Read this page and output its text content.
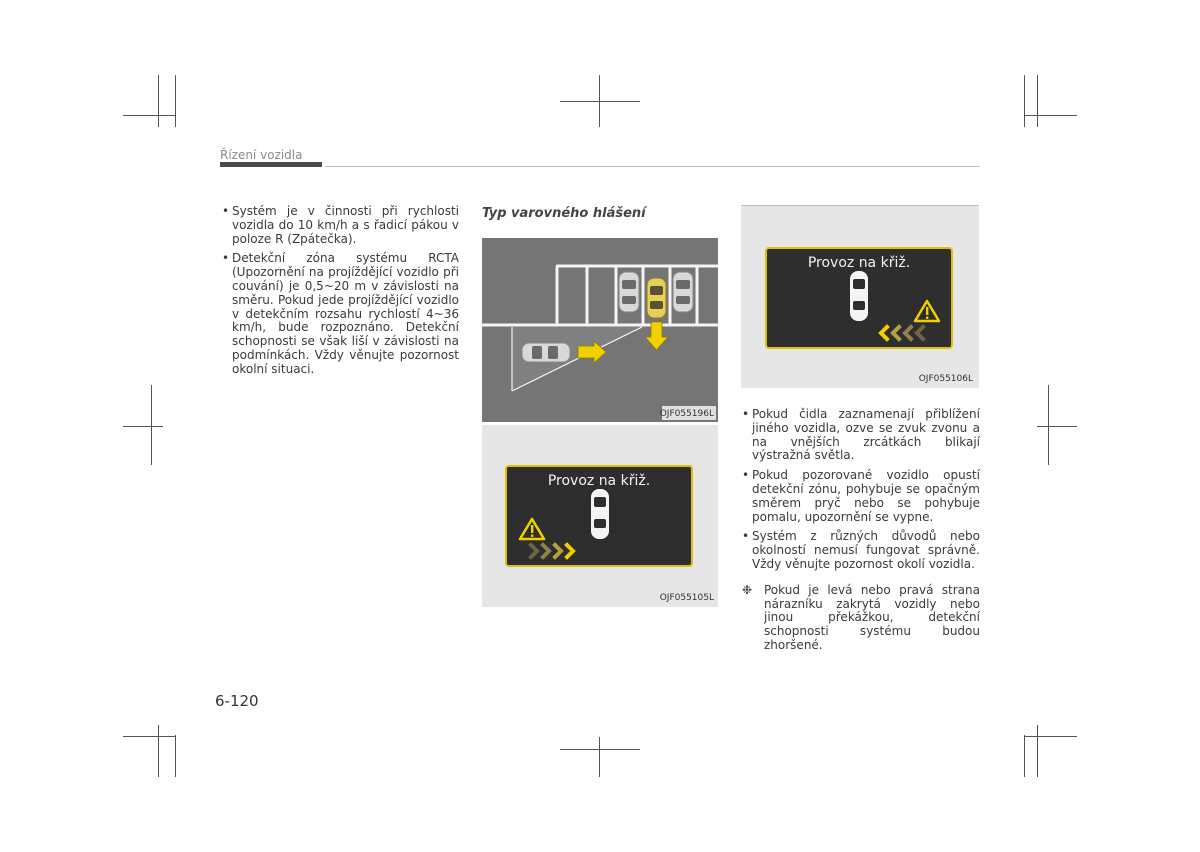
Řízení vozidla
• Systém je v činnosti při rychlosti vozidla do 10 km/h a s řadicí pákou v poloze R (Zpátečka).
• Detekční zóna systému RCTA (Upozornění na projíždějící vozidlo při couvání) je 0,5~20 m v závislosti na směru. Pokud jede projíždějící vozidlo v detekčním rozsahu rychlostí 4~36 km/h, bude rozpoznáno. Detekční schopnosti se však liší v závislosti na podmínkách. Vždy věnujte pozornost okolní situaci.
Typ varovného hlášení
OJF055196L
Provoz na křiž.
OJF055105L
Provoz na křiž.
OJF055106L
• Pokud čidla zaznamenají přiblížení jiného vozidla, ozve se zvuk zvonu a na vnějších zrcátkách blikají výstražná světla.
• Pokud pozorované vozidlo opustí detekční zónu, pohybuje se opačným směrem pryč nebo se pohybuje pomalu, upozornění se vypne.
• Systém z různých důvodů nebo okolností nemusí fungovat správně. Vždy věnujte pozornost okolí vozidla.
❉ Pokud je levá nebo pravá strana nárazníku zakrytá vozidly nebo jinou překážkou, detekční schopnosti systému budou zhoršené.
6-120
